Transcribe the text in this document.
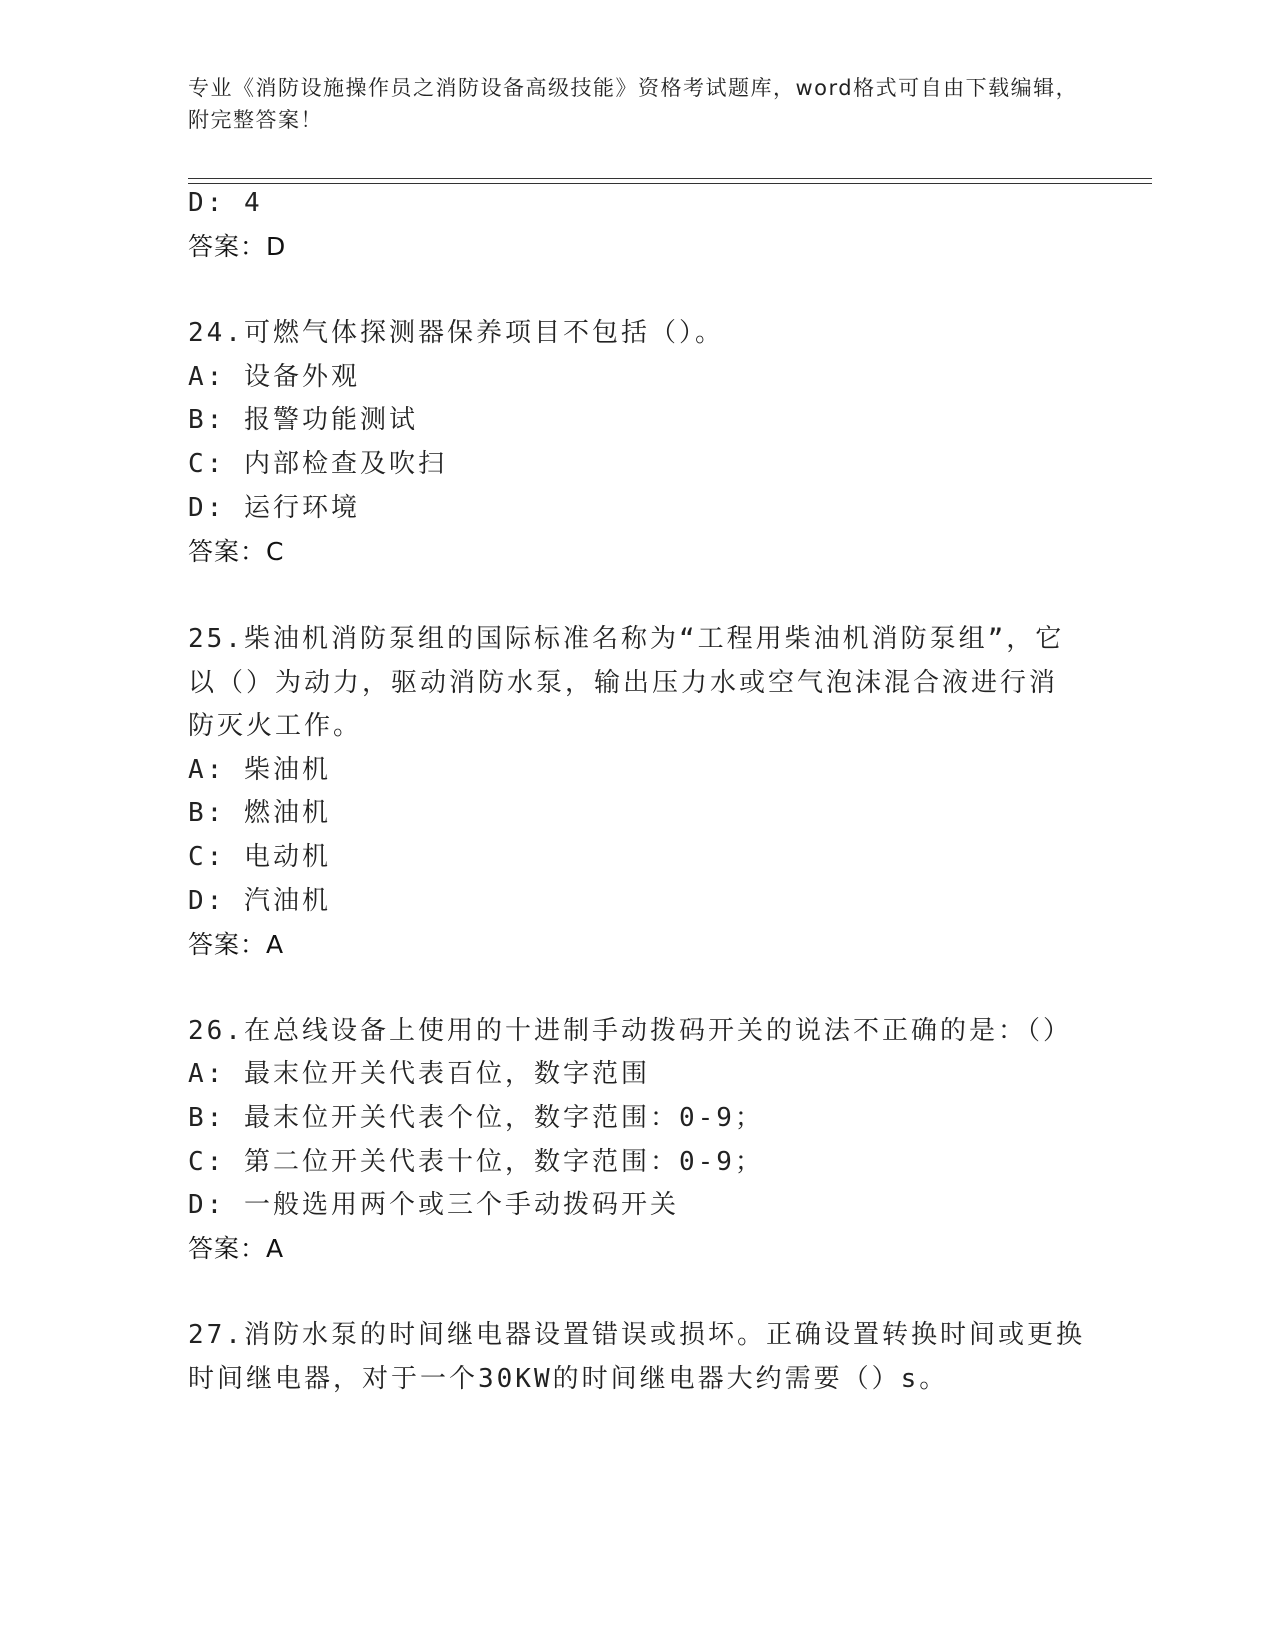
专业《消防设施操作员之消防设备高级技能》资格考试题库，word格式可自由下载编辑，附完整答案！
D: 4
答案：D
24.可燃气体探测器保养项目不包括（）。
A: 设备外观
B: 报警功能测试
C: 内部检查及吹扫
D: 运行环境
答案：C
25.柴油机消防泵组的国际标准名称为“工程用柴油机消防泵组”，它
以（）为动力，驱动消防水泵，输出压力水或空气泡沫混合液进行消
防灭火工作。
A: 柴油机
B: 燃油机
C: 电动机
D: 汽油机
答案：A
26.在总线设备上使用的十进制手动拨码开关的说法不正确的是：（）
A: 最末位开关代表百位，数字范围
B: 最末位开关代表个位，数字范围：0-9；
C: 第二位开关代表十位，数字范围：0-9；
D: 一般选用两个或三个手动拨码开关
答案：A
27.消防水泵的时间继电器设置错误或损坏。正确设置转换时间或更换
时间继电器，对于一个30KW的时间继电器大约需要（）s。
